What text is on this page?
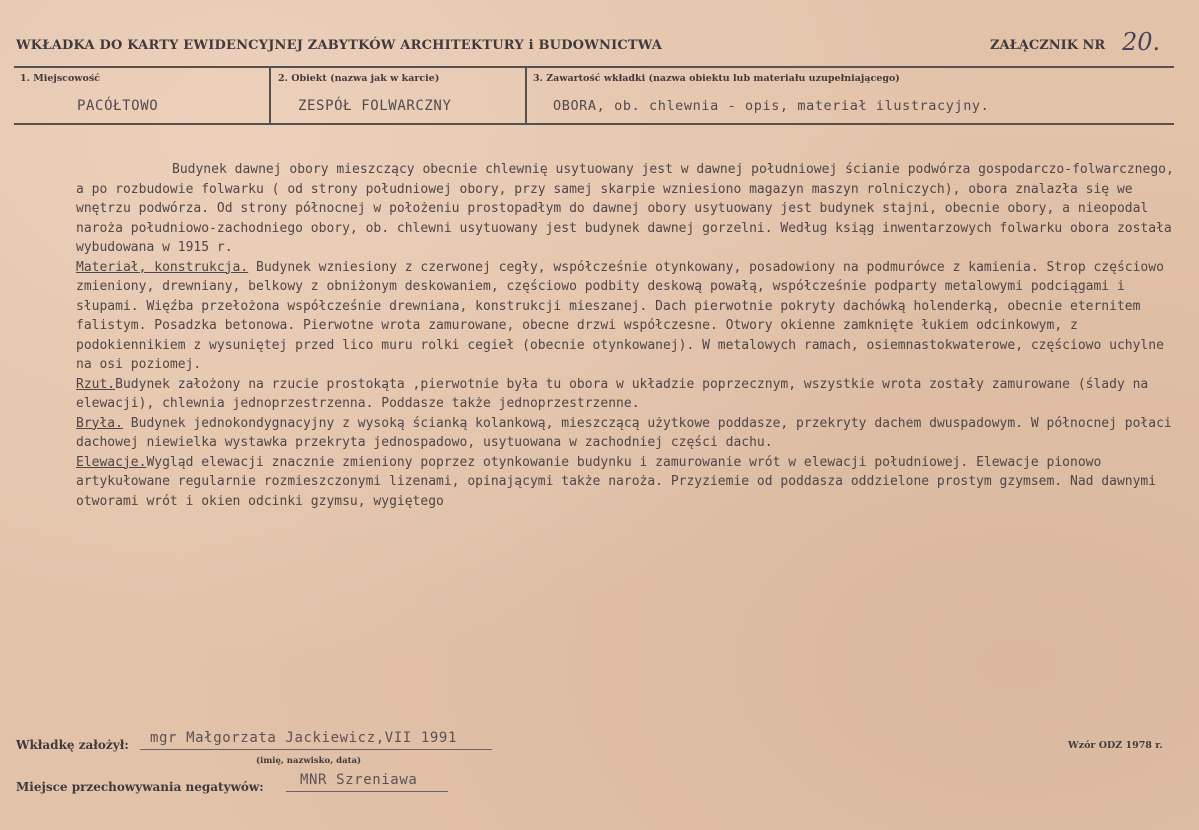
WKŁADKA DO KARTY EWIDENCYJNEJ ZABYTKÓW ARCHITEKTURY i BUDOWNICTWA	ZAŁĄCZNIK NR 20.
1. Miejscowość	2. Obiekt (nazwa jak w karcie)	3. Zawartość wkładki (nazwa obiektu lub materiału uzupełniającego)
PACÓŁTOWO	ZESPÓŁ FOLWARCZNY	OBORA, ob. chlewnia - opis, materiał ilustracyjny.

Budynek dawnej obory mieszczący obecnie chlewnię usytuowany jest w dawnej południowej ścianie podwórza gospodarczo-folwarcznego, a po rozbudowie folwarku ( od strony południowej obory, przy samej skarpie wzniesiono magazyn maszyn rolniczych), obora znalazła się we wnętrzu podwórza. Od strony północnej w położeniu prostopadłym do dawnej obory usytuowany jest budynek stajni, obecnie obory, a nieopodal naroża południowo-zachodniego obory, ob. chlewni usytuowany jest budynek dawnej gorzelni. Według ksiąg inwentarzowych folwarku obora została wybudowana w 1915 r.

Materiał, konstrukcja. Budynek wzniesiony z czerwonej cegły, współcześnie otynkowany, posadowiony na podmurówce z kamienia. Strop częściowo zmieniony, drewniany, belkowy z obniżonym deskowaniem, częściowo podbity deskową powałą, współcześnie podparty metalowymi podciągami i słupami. Więźba przełożona współcześnie drewniana, konstrukcji mieszanej. Dach pierwotnie pokryty dachówką holenderką, obecnie eternitem falistym. Posadzka betonowa. Pierwotne wrota zamurowane, obecne drzwi współczesne. Otwory okienne zamknięte łukiem odcinkowym, z podokiennikiem z wysuniętej przed lico muru rolki cegieł (obecnie otynkowanej). W metalowych ramach, osiemnastokwaterowe, częściowo uchylne na osi poziomej.

Rzut.Budynek założony na rzucie prostokąta ,pierwotnie była tu obora w układzie poprzecznym, wszystkie wrota zostały zamurowane (ślady na elewacji), chlewnia jednoprzestrzenna. Poddasze także jednoprzestrzenne.

Bryła. Budynek jednokondygnacyjny z wysoką ścianką kolankową, mieszczącą użytkowe poddasze, przekryty dachem dwuspadowym. W północnej połaci dachowej niewielka wystawka przekryta jednospadowo, usytuowana w zachodniej części dachu.

Elewacje.Wygląd elewacji znacznie zmieniony poprzez otynkowanie budynku i zamurowanie wrót w elewacji południowej. Elewacje pionowo artykułowane regularnie rozmieszczonymi lizenami, opinającymi także naroża. Przyziemie od poddasza oddzielone prostym gzymsem. Nad dawnymi otworami wrót i okien odcinki gzymsu, wygiętego

Wkładkę założył: mgr Małgorzata Jackiewicz,VII 1991
(imię, nazwisko, data)
Wzór ODZ 1978 r.
Miejsce przechowywania negatywów:	MNR Szreniawa
